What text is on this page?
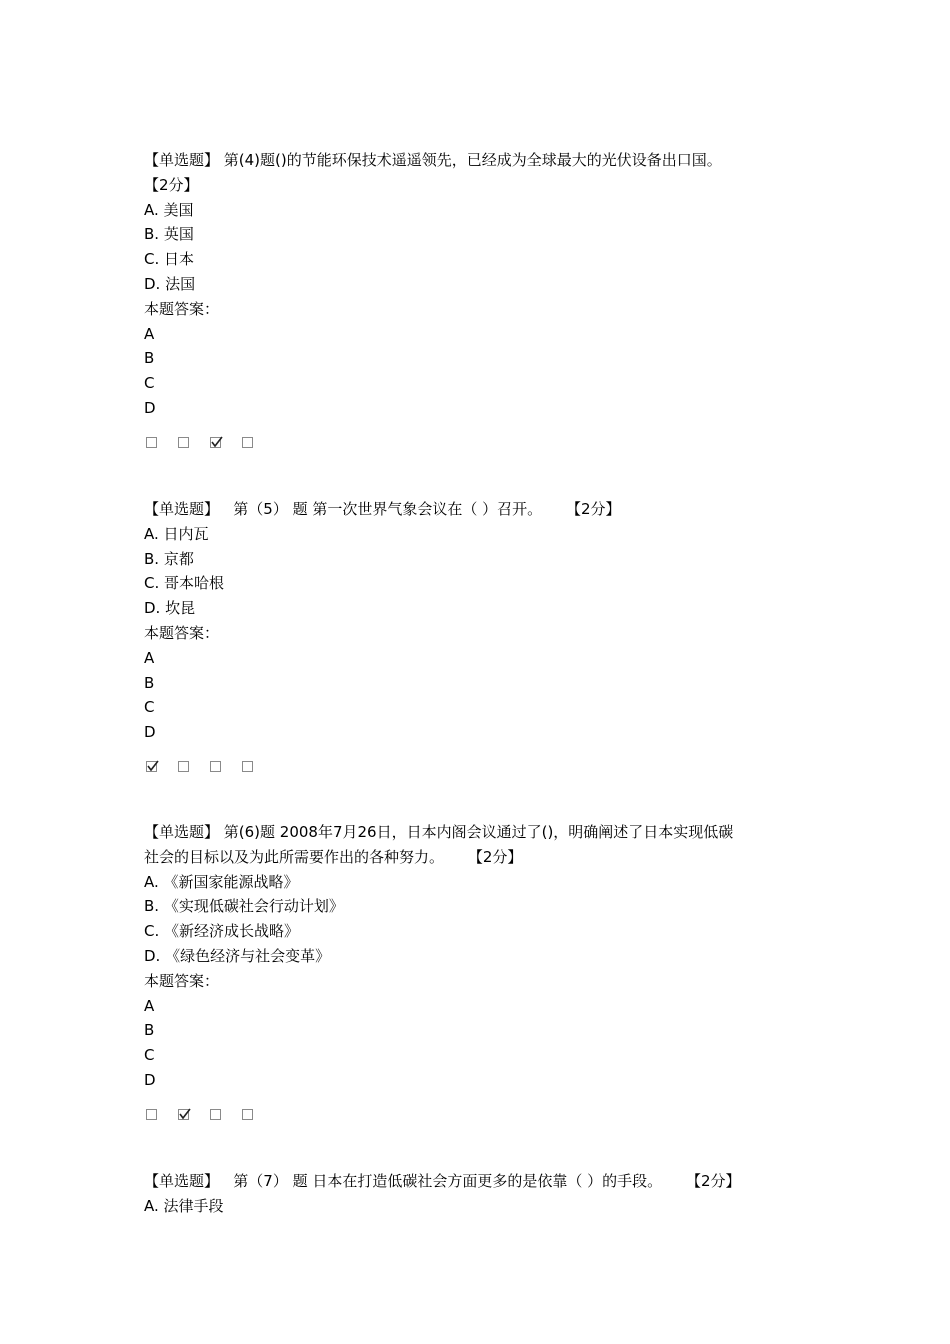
【单选题】 第(4)题()的节能环保技术遥遥领先，已经成为全球最大的光伏设备出口国。
【2分】
A. 美国
B. 英国
C. 日本
D. 法国
本题答案：
A
B
C
D
【单选题】   第（5） 题 第一次世界气象会议在（ ）召开。     【2分】
A. 日内瓦
B. 京都
C. 哥本哈根
D. 坎昆
本题答案：
A
B
C
D
【单选题】 第(6)题 2008年7月26日，日本内阁会议通过了()，明确阐述了日本实现低碳
社会的目标以及为此所需要作出的各种努力。     【2分】
A. 《新国家能源战略》
B. 《实现低碳社会行动计划》
C. 《新经济成长战略》
D. 《绿色经济与社会变革》
本题答案：
A
B
C
D
【单选题】   第（7） 题 日本在打造低碳社会方面更多的是依靠（ ）的手段。     【2分】
A. 法律手段
